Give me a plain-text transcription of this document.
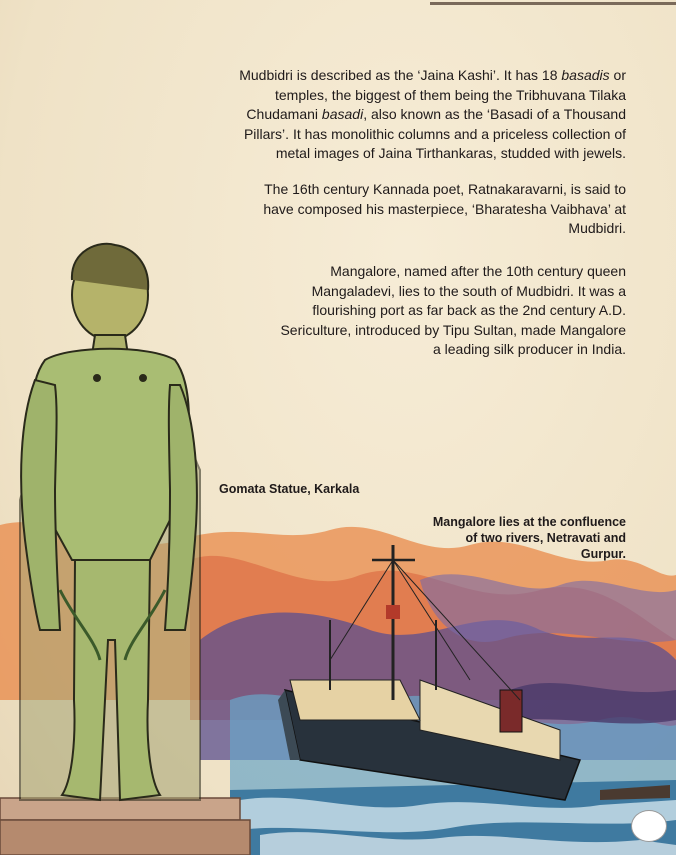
Mudbidri is described as the ‘Jaina Kashi’. It has 18 basadis or
temples, the biggest of them being the Tribhuvana Tilaka
Chudamani basadi, also known as the ‘Basadi of a Thousand
Pillars’. It has monolithic columns and a priceless collection of
metal images of Jaina Tirthankaras, studded with jewels.

The 16th century Kannada poet, Ratnakaravarni, is said to
have composed his masterpiece, ‘Bharatesha Vaibhava’ at
Mudbidri.

Mangalore, named after the 10th century queen
Mangaladevi, lies to the south of Mudbidri. It was a
flourishing port as far back as the 2nd century A.D.
Sericulture, introduced by Tipu Sultan, made Mangalore
a leading silk producer in India.

Gomata Statue, Karkala

Mangalore lies at the confluence
of two rivers, Netravati and
Gurpur.
